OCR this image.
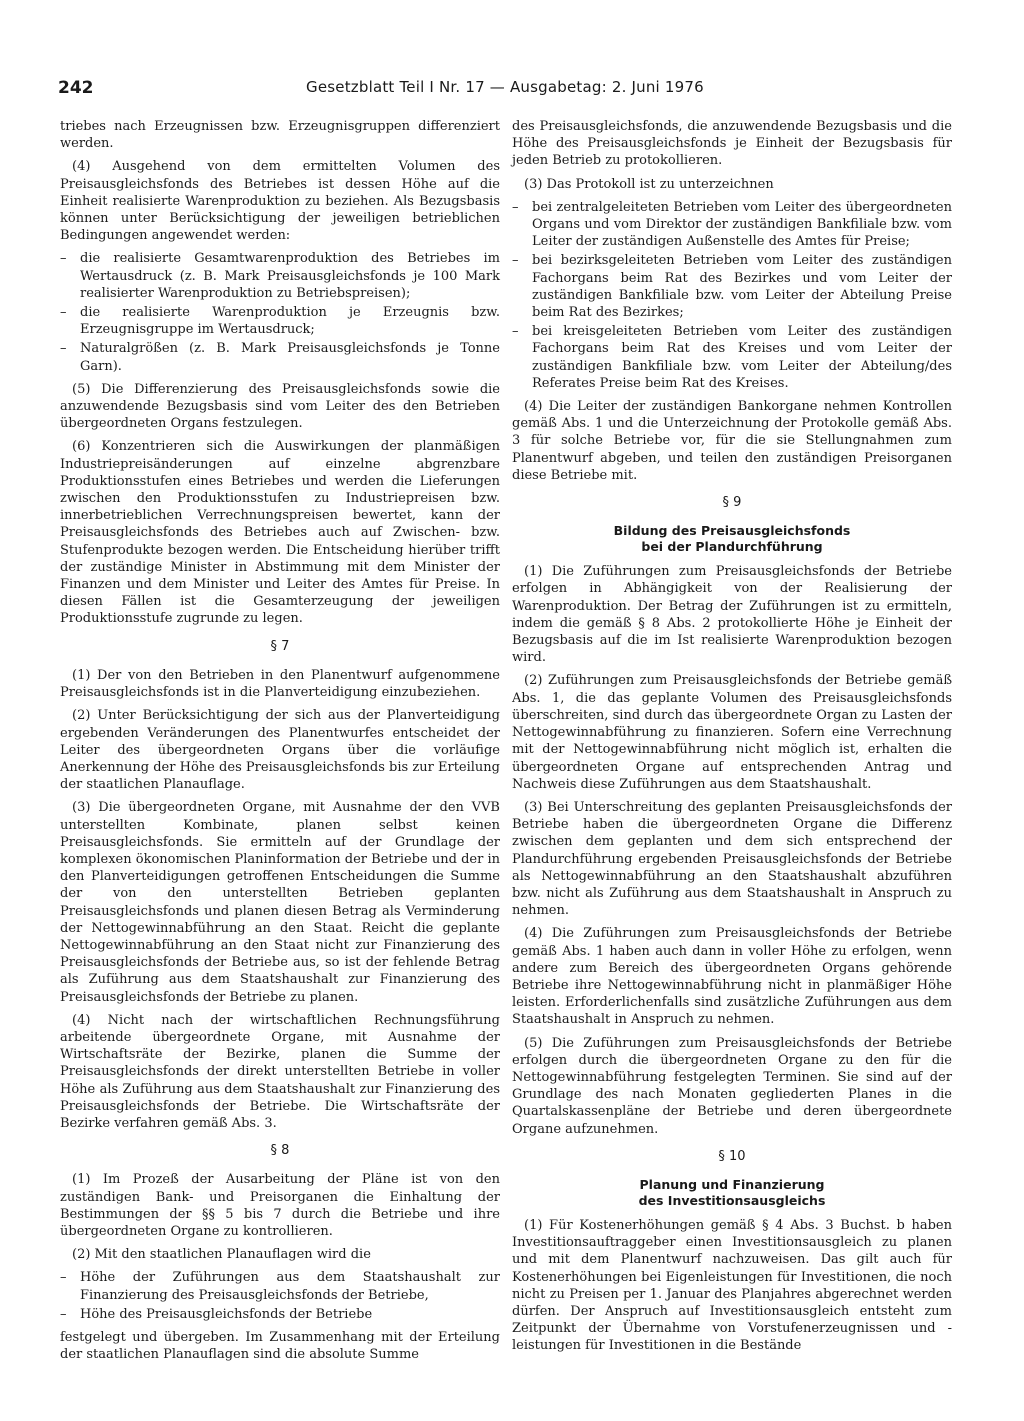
242	Gesetzblatt Teil I Nr. 17 — Ausgabetag: 2. Juni 1976

triebes nach Erzeugnissen bzw. Erzeugnisgruppen differenziert werden.

(4) Ausgehend von dem ermittelten Volumen des Preisausgleichsfonds des Betriebes ist dessen Höhe auf die Einheit realisierte Warenproduktion zu beziehen. Als Bezugsbasis können unter Berücksichtigung der jeweiligen betrieblichen Bedingungen angewendet werden:

– die realisierte Gesamtwarenproduktion des Betriebes im Wertausdruck (z. B. Mark Preisausgleichsfonds je 100 Mark realisierter Warenproduktion zu Betriebspreisen);
– die realisierte Warenproduktion je Erzeugnis bzw. Erzeugnisgruppe im Wertausdruck;
– Naturalgrößen (z. B. Mark Preisausgleichsfonds je Tonne Garn).

(5) Die Differenzierung des Preisausgleichsfonds sowie die anzuwendende Bezugsbasis sind vom Leiter des den Betrieben übergeordneten Organs festzulegen.

(6) Konzentrieren sich die Auswirkungen der planmäßigen Industriepreisänderungen auf einzelne abgrenzbare Produktionsstufen eines Betriebes und werden die Lieferungen zwischen den Produktionsstufen zu Industriepreisen bzw. innerbetrieblichen Verrechnungspreisen bewertet, kann der Preisausgleichsfonds des Betriebes auch auf Zwischen- bzw. Stufenprodukte bezogen werden. Die Entscheidung hierüber trifft der zuständige Minister in Abstimmung mit dem Minister der Finanzen und dem Minister und Leiter des Amtes für Preise. In diesen Fällen ist die Gesamterzeugung der jeweiligen Produktionsstufe zugrunde zu legen.

§ 7

(1) Der von den Betrieben in den Planentwurf aufgenommene Preisausgleichsfonds ist in die Planverteidigung einzubeziehen.

(2) Unter Berücksichtigung der sich aus der Planverteidigung ergebenden Veränderungen des Planentwurfes entscheidet der Leiter des übergeordneten Organs über die vorläufige Anerkennung der Höhe des Preisausgleichsfonds bis zur Erteilung der staatlichen Planauflage.

(3) Die übergeordneten Organe, mit Ausnahme der den VVB unterstellten Kombinate, planen selbst keinen Preisausgleichsfonds. Sie ermitteln auf der Grundlage der komplexen ökonomischen Planinformation der Betriebe und der in den Planverteidigungen getroffenen Entscheidungen die Summe der von den unterstellten Betrieben geplanten Preisausgleichsfonds und planen diesen Betrag als Verminderung der Nettogewinnabführung an den Staat. Reicht die geplante Nettogewinnabführung an den Staat nicht zur Finanzierung des Preisausgleichsfonds der Betriebe aus, so ist der fehlende Betrag als Zuführung aus dem Staatshaushalt zur Finanzierung des Preisausgleichsfonds der Betriebe zu planen.

(4) Nicht nach der wirtschaftlichen Rechnungsführung arbeitende übergeordnete Organe, mit Ausnahme der Wirtschaftsräte der Bezirke, planen die Summe der Preisausgleichsfonds der direkt unterstellten Betriebe in voller Höhe als Zuführung aus dem Staatshaushalt zur Finanzierung des Preisausgleichsfonds der Betriebe. Die Wirtschaftsräte der Bezirke verfahren gemäß Abs. 3.

§ 8

(1) Im Prozeß der Ausarbeitung der Pläne ist von den zuständigen Bank- und Preisorganen die Einhaltung der Bestimmungen der §§ 5 bis 7 durch die Betriebe und ihre übergeordneten Organe zu kontrollieren.

(2) Mit den staatlichen Planauflagen wird die

– Höhe der Zuführungen aus dem Staatshaushalt zur Finanzierung des Preisausgleichsfonds der Betriebe,
– Höhe des Preisausgleichsfonds der Betriebe

festgelegt und übergeben. Im Zusammenhang mit der Erteilung der staatlichen Planauflagen sind die absolute Summe

des Preisausgleichsfonds, die anzuwendende Bezugsbasis und die Höhe des Preisausgleichsfonds je Einheit der Bezugsbasis für jeden Betrieb zu protokollieren.

(3) Das Protokoll ist zu unterzeichnen

– bei zentralgeleiteten Betrieben vom Leiter des übergeordneten Organs und vom Direktor der zuständigen Bankfiliale bzw. vom Leiter der zuständigen Außenstelle des Amtes für Preise;
– bei bezirksgeleiteten Betrieben vom Leiter des zuständigen Fachorgans beim Rat des Bezirkes und vom Leiter der zuständigen Bankfiliale bzw. vom Leiter der Abteilung Preise beim Rat des Bezirkes;
– bei kreisgeleiteten Betrieben vom Leiter des zuständigen Fachorgans beim Rat des Kreises und vom Leiter der zuständigen Bankfiliale bzw. vom Leiter der Abteilung/des Referates Preise beim Rat des Kreises.

(4) Die Leiter der zuständigen Bankorgane nehmen Kontrollen gemäß Abs. 1 und die Unterzeichnung der Protokolle gemäß Abs. 3 für solche Betriebe vor, für die sie Stellungnahmen zum Planentwurf abgeben, und teilen den zuständigen Preisorganen diese Betriebe mit.

§ 9
Bildung des Preisausgleichsfonds
bei der Plandurchführung

(1) Die Zuführungen zum Preisausgleichsfonds der Betriebe erfolgen in Abhängigkeit von der Realisierung der Warenproduktion. Der Betrag der Zuführungen ist zu ermitteln, indem die gemäß § 8 Abs. 2 protokollierte Höhe je Einheit der Bezugsbasis auf die im Ist realisierte Warenproduktion bezogen wird.

(2) Zuführungen zum Preisausgleichsfonds der Betriebe gemäß Abs. 1, die das geplante Volumen des Preisausgleichsfonds überschreiten, sind durch das übergeordnete Organ zu Lasten der Nettogewinnabführung zu finanzieren. Sofern eine Verrechnung mit der Nettogewinnabführung nicht möglich ist, erhalten die übergeordneten Organe auf entsprechenden Antrag und Nachweis diese Zuführungen aus dem Staatshaushalt.

(3) Bei Unterschreitung des geplanten Preisausgleichsfonds der Betriebe haben die übergeordneten Organe die Differenz zwischen dem geplanten und dem sich entsprechend der Plandurchführung ergebenden Preisausgleichsfonds der Betriebe als Nettogewinnabführung an den Staatshaushalt abzuführen bzw. nicht als Zuführung aus dem Staatshaushalt in Anspruch zu nehmen.

(4) Die Zuführungen zum Preisausgleichsfonds der Betriebe gemäß Abs. 1 haben auch dann in voller Höhe zu erfolgen, wenn andere zum Bereich des übergeordneten Organs gehörende Betriebe ihre Nettogewinnabführung nicht in planmäßiger Höhe leisten. Erforderlichenfalls sind zusätzliche Zuführungen aus dem Staatshaushalt in Anspruch zu nehmen.

(5) Die Zuführungen zum Preisausgleichsfonds der Betriebe erfolgen durch die übergeordneten Organe zu den für die Nettogewinnabführung festgelegten Terminen. Sie sind auf der Grundlage des nach Monaten gegliederten Planes in die Quartalskassenpläne der Betriebe und deren übergeordnete Organe aufzunehmen.

§ 10
Planung und Finanzierung
des Investitionsausgleichs

(1) Für Kostenerhöhungen gemäß § 4 Abs. 3 Buchst. b haben Investitionsauftraggeber einen Investitionsausgleich zu planen und mit dem Planentwurf nachzuweisen. Das gilt auch für Kostenerhöhungen bei Eigenleistungen für Investitionen, die noch nicht zu Preisen per 1. Januar des Planjahres abgerechnet werden dürfen. Der Anspruch auf Investitionsausgleich entsteht zum Zeitpunkt der Übernahme von Vorstufenerzeugnissen und -leistungen für Investitionen in die Bestände
